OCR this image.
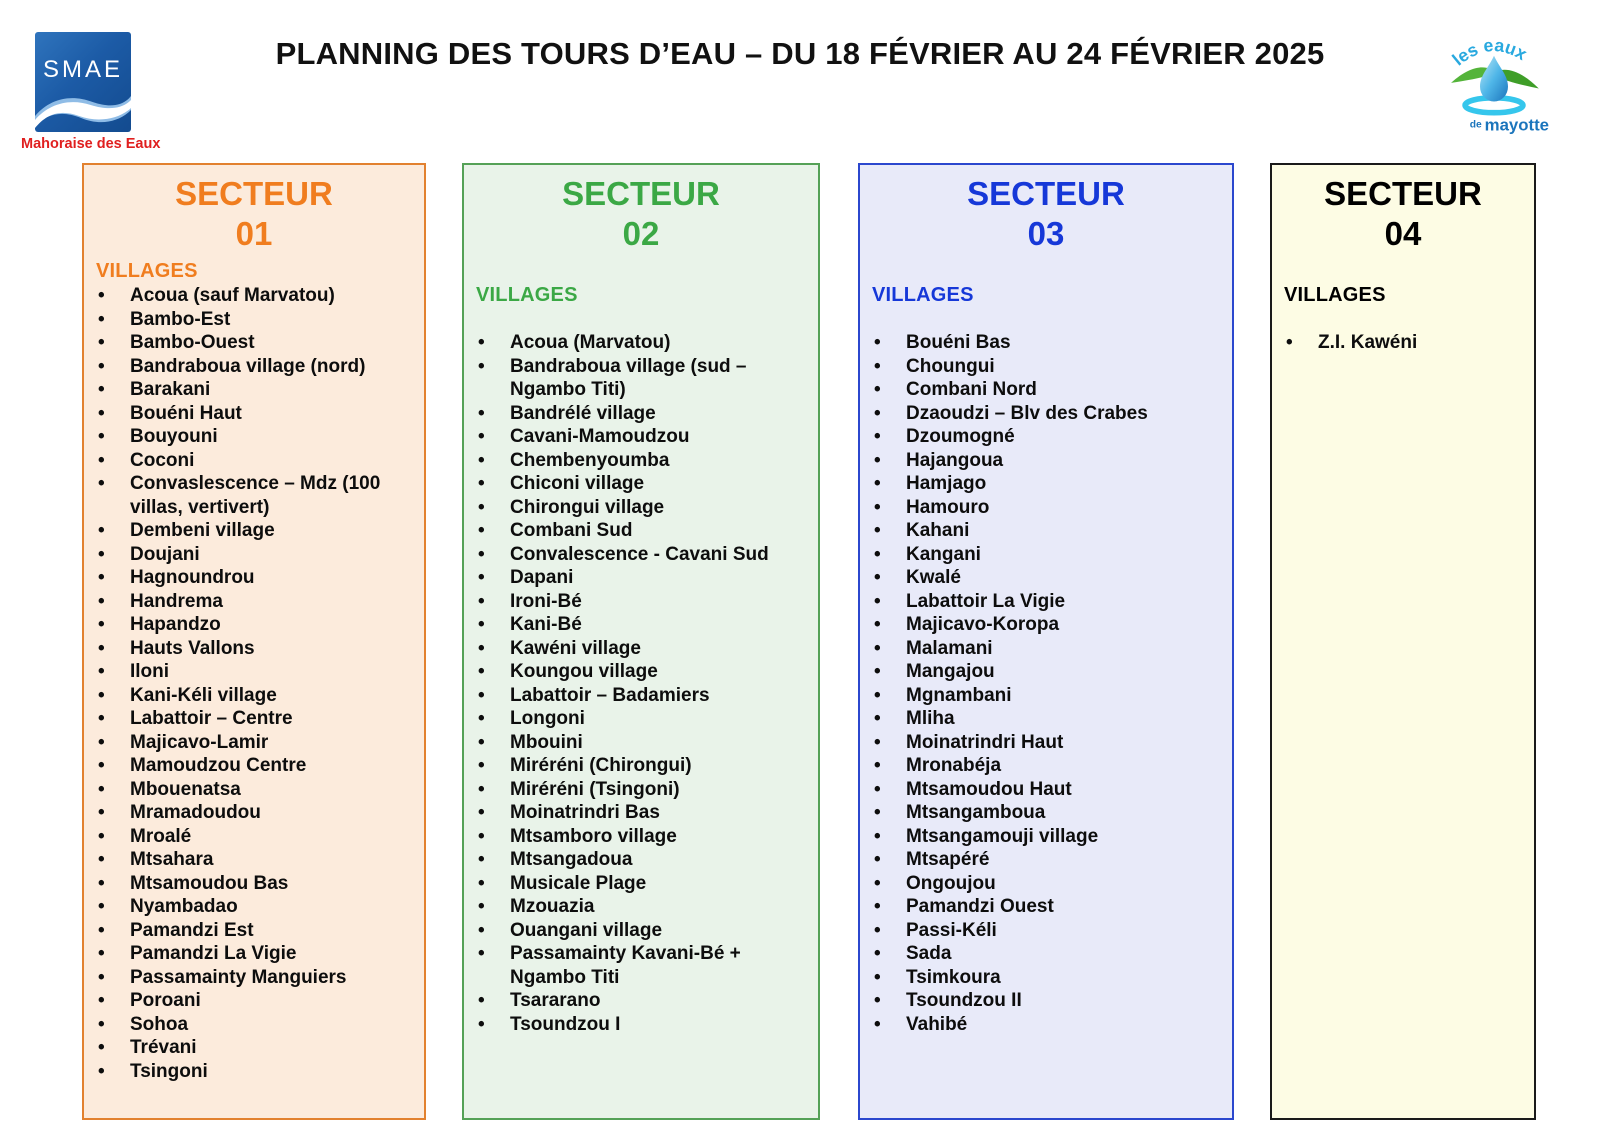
SMAE
Mahoraise des Eaux
PLANNING DES TOURS D’EAU – DU 18 FÉVRIER AU 24 FÉVRIER 2025	les eaux
de mayotte
SECTEUR
01
VILLAGES
• Acoua (sauf Marvatou)
• Bambo-Est
• Bambo-Ouest
• Bandraboua village (nord)
• Barakani
• Bouéni Haut
• Bouyouni
• Coconi
• Convaslescence – Mdz (100 villas, vertivert)
• Dembeni village
• Doujani
• Hagnoundrou
• Handrema
• Hapandzo
• Hauts Vallons
• Iloni
• Kani-Kéli village
• Labattoir – Centre
• Majicavo-Lamir
• Mamoudzou Centre
• Mbouenatsa
• Mramadoudou
• Mroalé
• Mtsahara
• Mtsamoudou Bas
• Nyambadao
• Pamandzi Est
• Pamandzi La Vigie
• Passamainty Manguiers
• Poroani
• Sohoa
• Trévani
• Tsingoni
SECTEUR
02
VILLAGES
• Acoua (Marvatou)
• Bandraboua village (sud – Ngambo Titi)
• Bandrélé village
• Cavani-Mamoudzou
• Chembenyoumba
• Chiconi village
• Chirongui village
• Combani Sud
• Convalescence - Cavani Sud
• Dapani
• Ironi-Bé
• Kani-Bé
• Kawéni village
• Koungou village
• Labattoir – Badamiers
• Longoni
• Mbouini
• Miréréni (Chirongui)
• Miréréni (Tsingoni)
• Moinatrindri Bas
• Mtsamboro village
• Mtsangadoua
• Musicale Plage
• Mzouazia
• Ouangani village
• Passamainty Kavani-Bé + Ngambo Titi
• Tsararano
• Tsoundzou I
SECTEUR
03
VILLAGES
• Bouéni Bas
• Choungui
• Combani Nord
• Dzaoudzi – Blv des Crabes
• Dzoumogné
• Hajangoua
• Hamjago
• Hamouro
• Kahani
• Kangani
• Kwalé
• Labattoir La Vigie
• Majicavo-Koropa
• Malamani
• Mangajou
• Mgnambani
• Mliha
• Moinatrindri Haut
• Mronabéja
• Mtsamoudou Haut
• Mtsangamboua
• Mtsangamouji village
• Mtsapéré
• Ongoujou
• Pamandzi Ouest
• Passi-Kéli
• Sada
• Tsimkoura
• Tsoundzou II
• Vahibé
SECTEUR
04
VILLAGES
• Z.I. Kawéni
